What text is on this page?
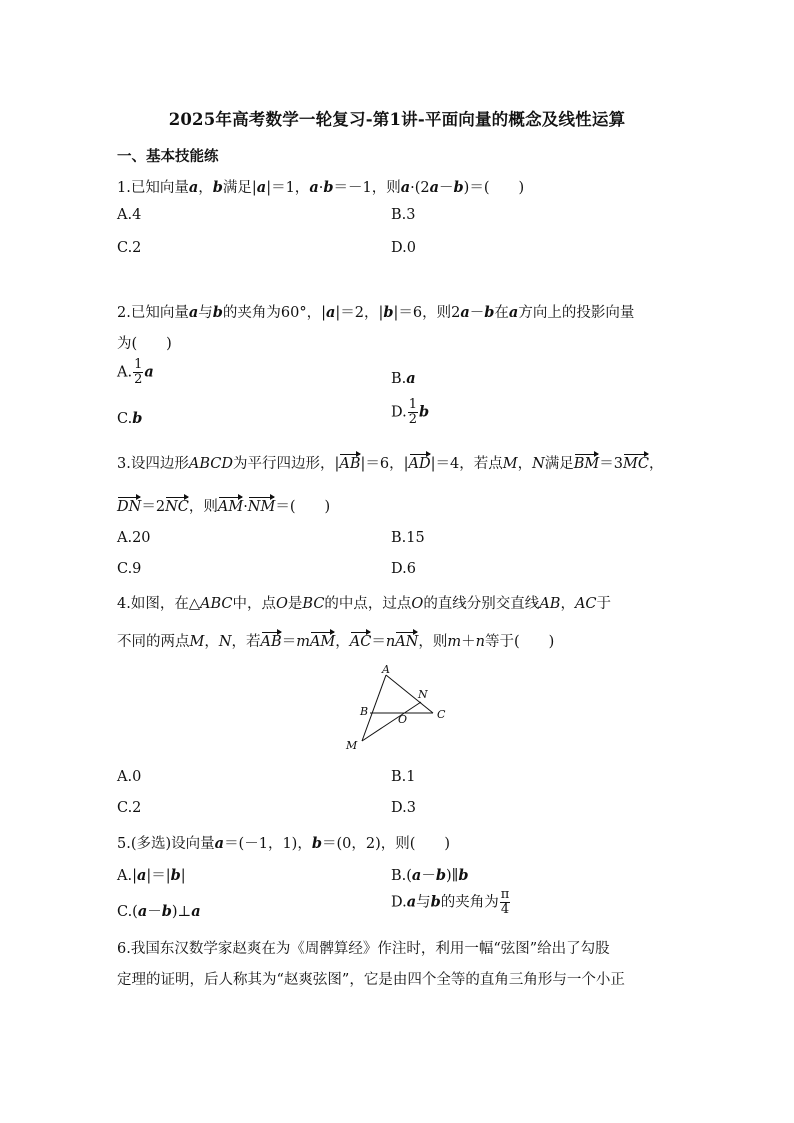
2025年高考数学一轮复习-第1讲-平面向量的概念及线性运算
一、基本技能练
1.已知向量a，b满足|a|＝1，a·b＝－1，则a·(2a－b)＝(　　)
A.4	B.3
C.2	D.0
2.已知向量a与b的夹角为60°，|a|＝2，|b|＝6，则2a－b在a方向上的投影向量
为(　　)
A. $\frac{1}{2}$ a	B.a
C.b	D. $\frac{1}{2}$ b
3.设四边形ABCD为平行四边形，|AB|＝6，|AD|＝4，若点M，N满足BM＝3MC，
DN＝2NC，则AM·NM＝(　　)
A.20	B.15
C.9	D.6
4.如图，在△ABC中，点O是BC的中点，过点O的直线分别交直线AB，AC于
不同的两点M，N，若AB＝mAM，AC＝nAN，则m＋n等于(　　)
A
B	C
N
O
M
A.0	B.1
C.2	D.3
5.(多选)设向量a＝(－1，1)，b＝(0，2)，则(　　)
A.|a|＝|b|	B.(a－b)∥b
C.(a－b)⊥a
D.a与b的夹角为 $\frac{\pi}{4}$
6.我国东汉数学家赵爽在为《周髀算经》作注时，利用一幅“弦图”给出了勾股
定理的证明，后人称其为“赵爽弦图”，它是由四个全等的直角三角形与一个小正
